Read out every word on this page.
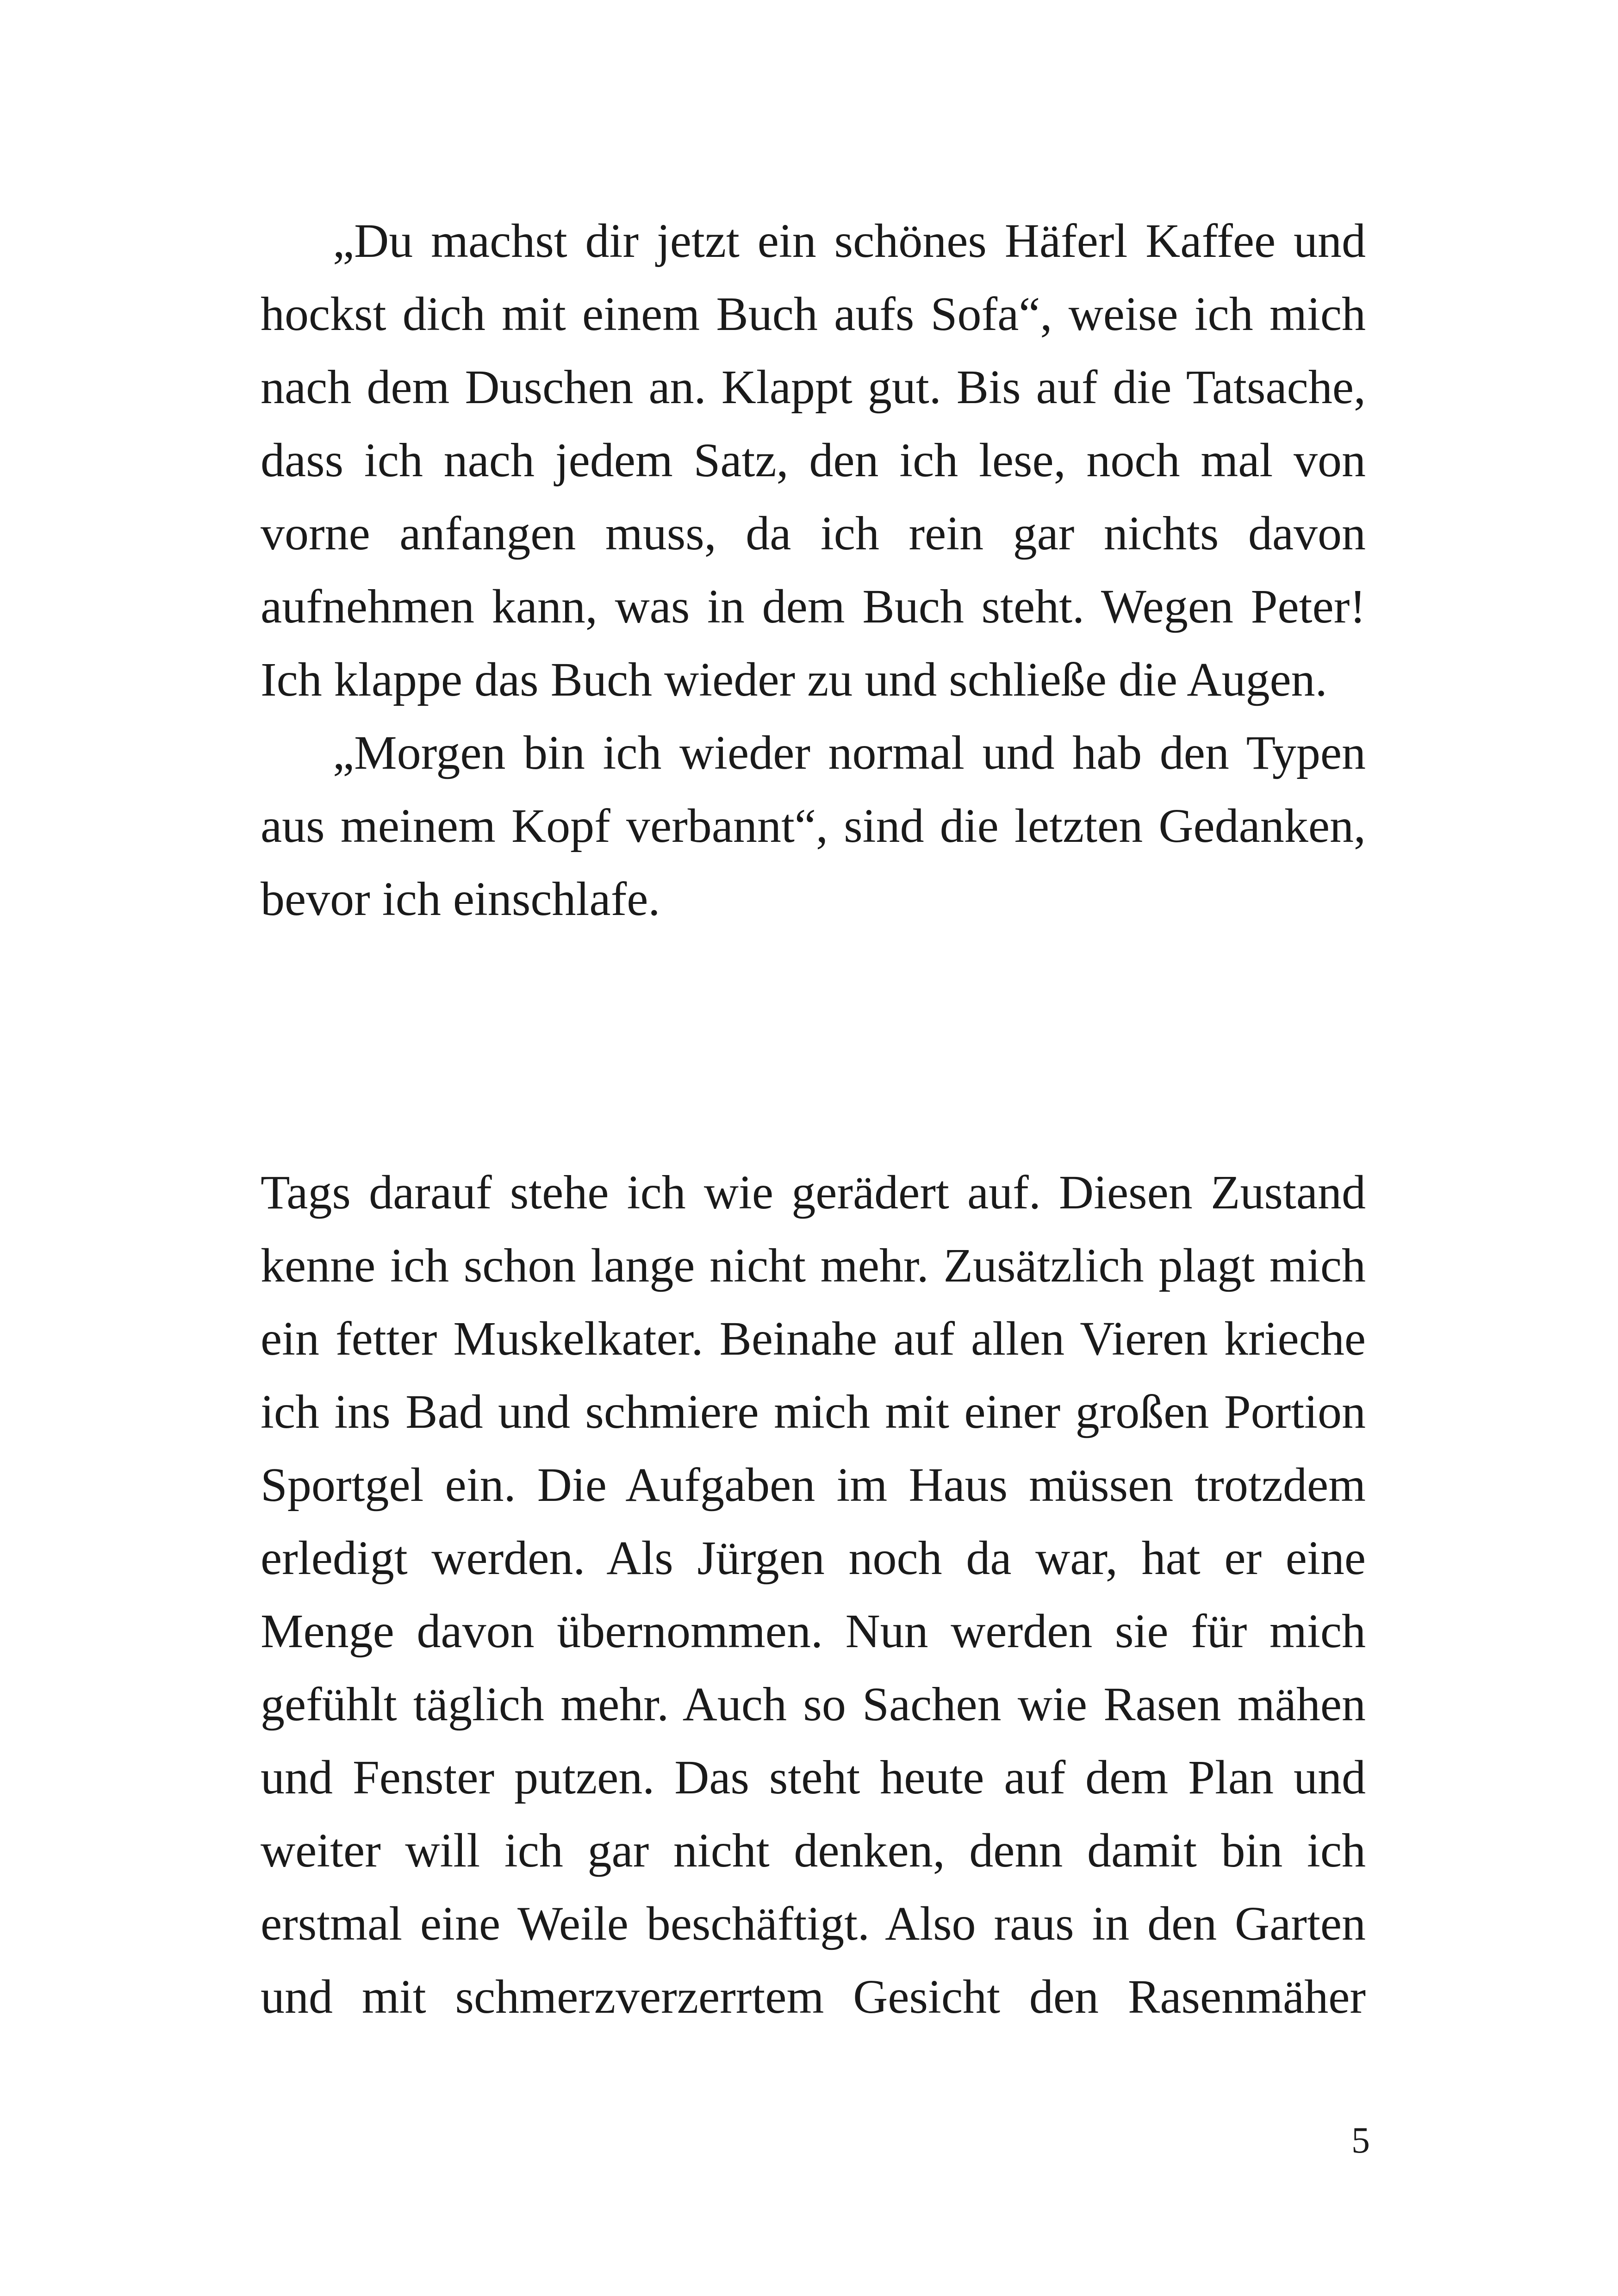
„Du machst dir jetzt ein schönes Häferl Kaffee und hockst dich mit einem Buch aufs Sofa“, weise ich mich nach dem Duschen an. Klappt gut. Bis auf die Tatsache, dass ich nach jedem Satz, den ich lese, noch mal von vorne anfangen muss, da ich rein gar nichts davon aufnehmen kann, was in dem Buch steht. Wegen Peter! Ich klappe das Buch wieder zu und schließe die Augen.

„Morgen bin ich wieder normal und hab den Typen aus meinem Kopf verbannt“, sind die letzten Gedanken, bevor ich einschlafe.

Tags darauf stehe ich wie gerädert auf. Diesen Zustand kenne ich schon lange nicht mehr. Zusätzlich plagt mich ein fetter Muskelkater. Beinahe auf allen Vieren krieche ich ins Bad und schmiere mich mit einer großen Portion Sportgel ein. Die Aufgaben im Haus müssen trotzdem erledigt werden. Als Jürgen noch da war, hat er eine Menge davon übernommen. Nun werden sie für mich gefühlt täglich mehr. Auch so Sachen wie Rasen mähen und Fenster putzen. Das steht heute auf dem Plan und weiter will ich gar nicht denken, denn damit bin ich erstmal eine Weile beschäftigt. Also raus in den Garten und mit schmerzverzerrtem Gesicht den Rasenmäher

5
